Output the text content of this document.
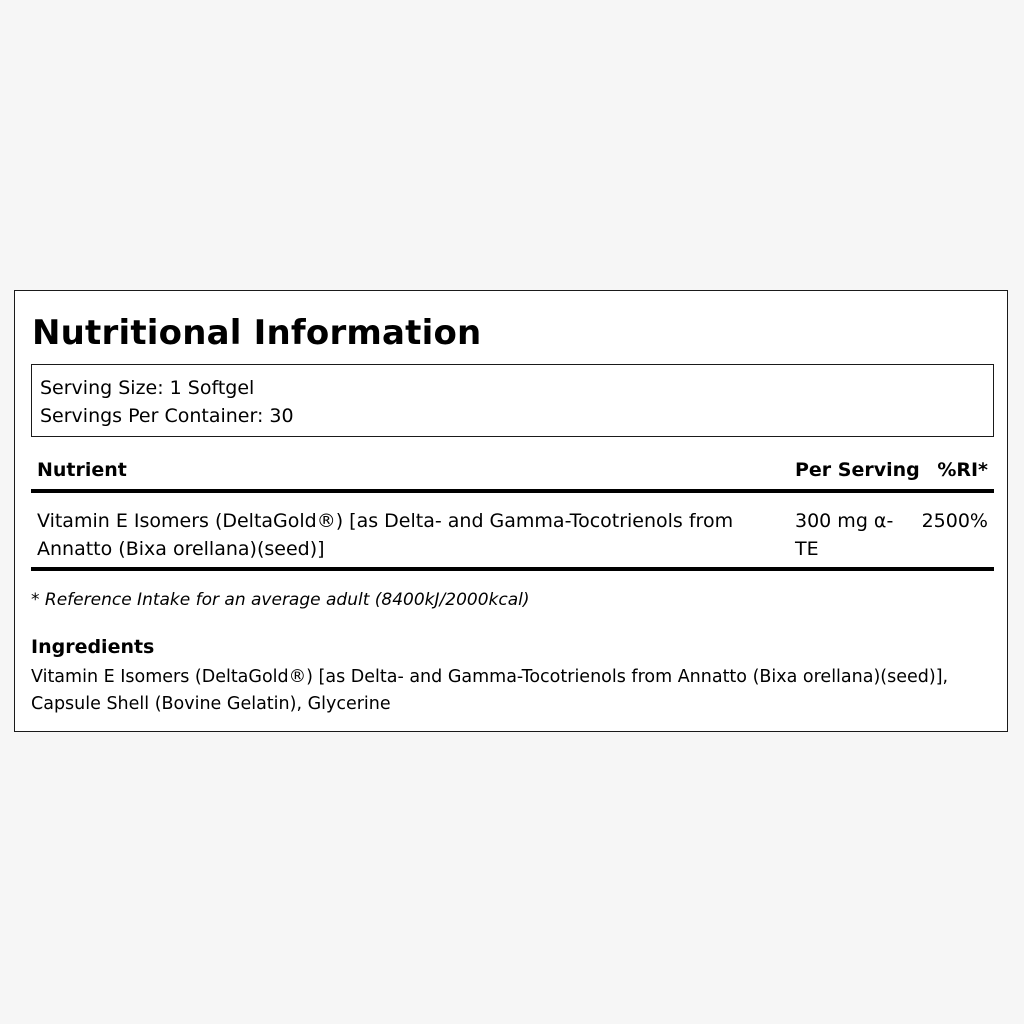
Nutritional Information
Serving Size: 1 Softgel
Servings Per Container: 30
Nutrient	Per Serving %RI*
Vitamin E Isomers (DeltaGold®) [as Delta- and Gamma-Tocotrienols from Annatto (Bixa orellana)(seed)]
300 mg α-TE
2500%
* Reference Intake for an average adult (8400kJ/2000kcal)
Ingredients
Vitamin E Isomers (DeltaGold®) [as Delta- and Gamma-Tocotrienols from Annatto (Bixa orellana)(seed)], Capsule Shell (Bovine Gelatin), Glycerine
